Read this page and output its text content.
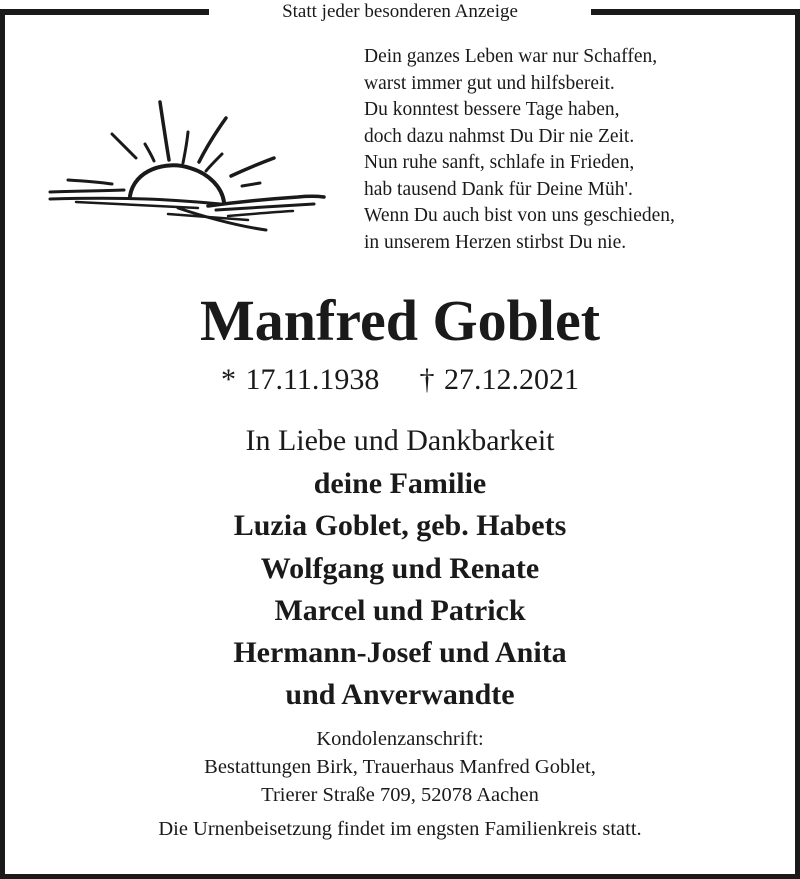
Statt jeder besonderen Anzeige
Dein ganzes Leben war nur Schaffen,
warst immer gut und hilfsbereit.
Du konntest bessere Tage haben,
doch dazu nahmst Du Dir nie Zeit.
Nun ruhe sanft, schlafe in Frieden,
hab tausend Dank für Deine Müh'.
Wenn Du auch bist von uns geschieden,
in unserem Herzen stirbst Du nie.
Manfred Goblet
* 17.11.1938 † 27.12.2021
In Liebe und Dankbarkeit
deine Familie
Luzia Goblet, geb. Habets
Wolfgang und Renate
Marcel und Patrick
Hermann-Josef und Anita
und Anverwandte
Kondolenzanschrift:
Bestattungen Birk, Trauerhaus Manfred Goblet,
Trierer Straße 709, 52078 Aachen
Die Urnenbeisetzung findet im engsten Familienkreis statt.
